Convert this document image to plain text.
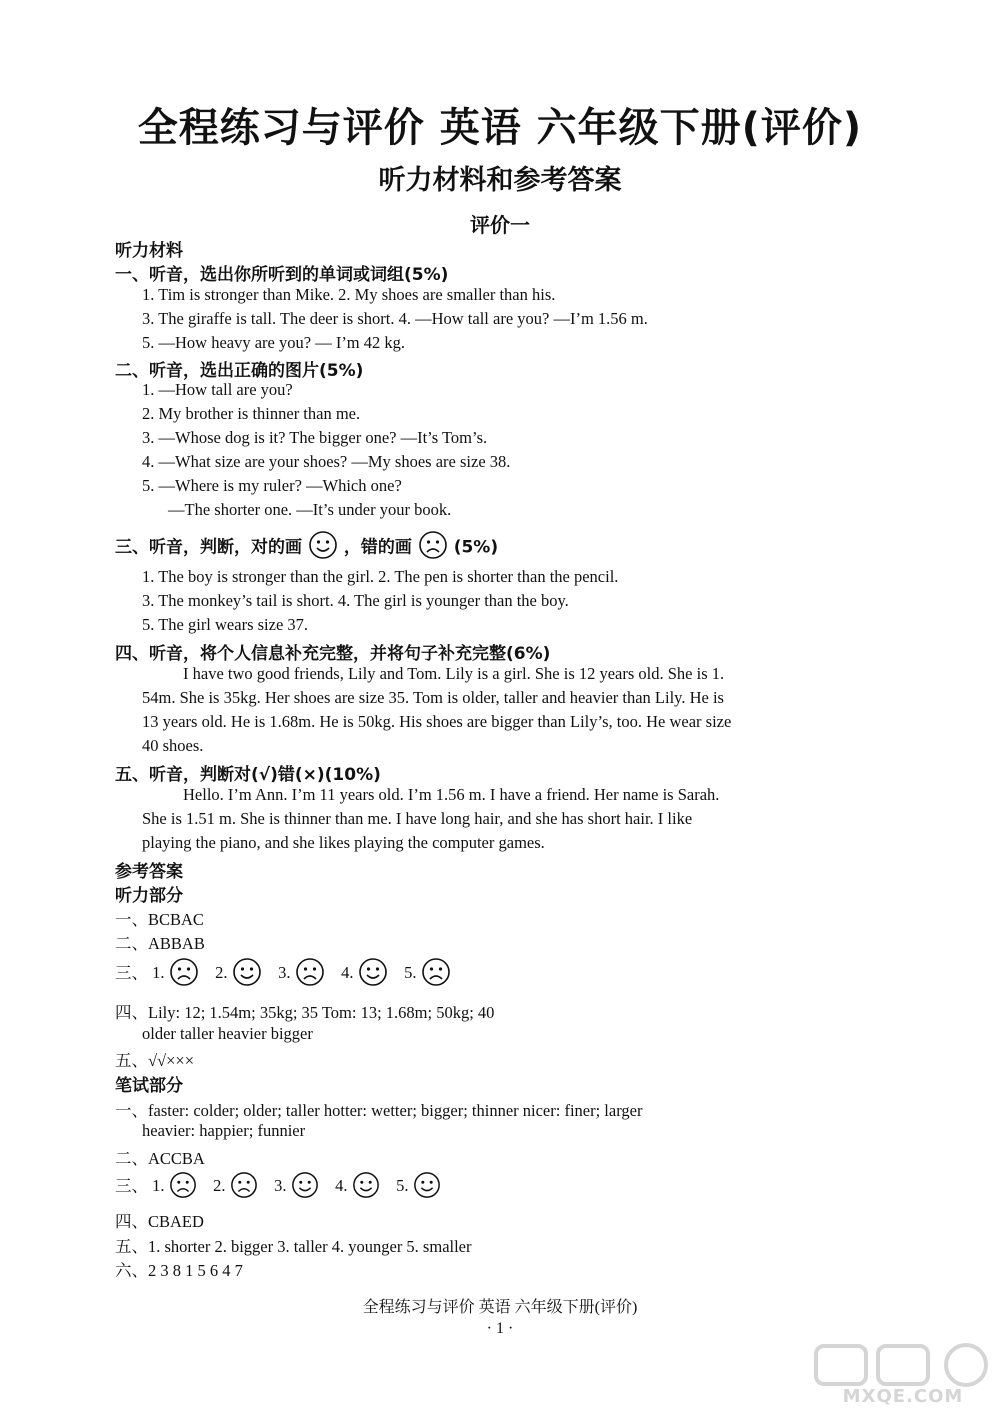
全程练习与评价 英语 六年级下册(评价)
听力材料和参考答案
评价一
听力材料
一、听音，选出你所听到的单词或词组(5%)
1. Tim is stronger than Mike. 2. My shoes are smaller than his.
3. The giraffe is tall. The deer is short. 4. —How tall are you? —I’m 1.56 m.
5. —How heavy are you? — I’m 42 kg.
二、听音，选出正确的图片(5%)
1. —How tall are you?
2. My brother is thinner than me.
3. —Whose dog is it? The bigger one? —It’s Tom’s.
4. —What size are your shoes? —My shoes are size 38.
5. —Where is my ruler? —Which one?
—The shorter one. —It’s under your book.
三、听音，判断，对的画 ，错的画 (5%)
1. The boy is stronger than the girl. 2. The pen is shorter than the pencil.
3. The monkey’s tail is short. 4. The girl is younger than the boy.
5. The girl wears size 37.
四、听音，将个人信息补充完整，并将句子补充完整(6%)
I have two good friends, Lily and Tom. Lily is a girl. She is 12 years old. She is 1.
54m. She is 35kg. Her shoes are size 35. Tom is older, taller and heavier than Lily. He is
13 years old. He is 1.68m. He is 50kg. His shoes are bigger than Lily’s, too. He wear size
40 shoes.
五、听音，判断对(√)错(×)(10%)
Hello. I’m Ann. I’m 11 years old. I’m 1.56 m. I have a friend. Her name is Sarah.
She is 1.51 m. She is thinner than me. I have long hair, and she has short hair. I like
playing the piano, and she likes playing the computer games.
参考答案
听力部分
一、BCBAC
二、ABBAB
三、 1.	2.	3.	4.	5.
四、Lily: 12; 1.54m; 35kg; 35 Tom: 13; 1.68m; 50kg; 40
older taller heavier bigger
五、√√×××
笔试部分
一、faster: colder; older; taller hotter: wetter; bigger; thinner nicer: finer; larger
heavier: happier; funnier
二、ACCBA
三、 1.	2.	3.	4.	5.
四、CBAED
五、1. shorter 2. bigger 3. taller 4. younger 5. smaller
六、2 3 8 1 5 6 4 7
全程练习与评价 英语 六年级下册(评价)
· 1 ·
MXQE.COM
